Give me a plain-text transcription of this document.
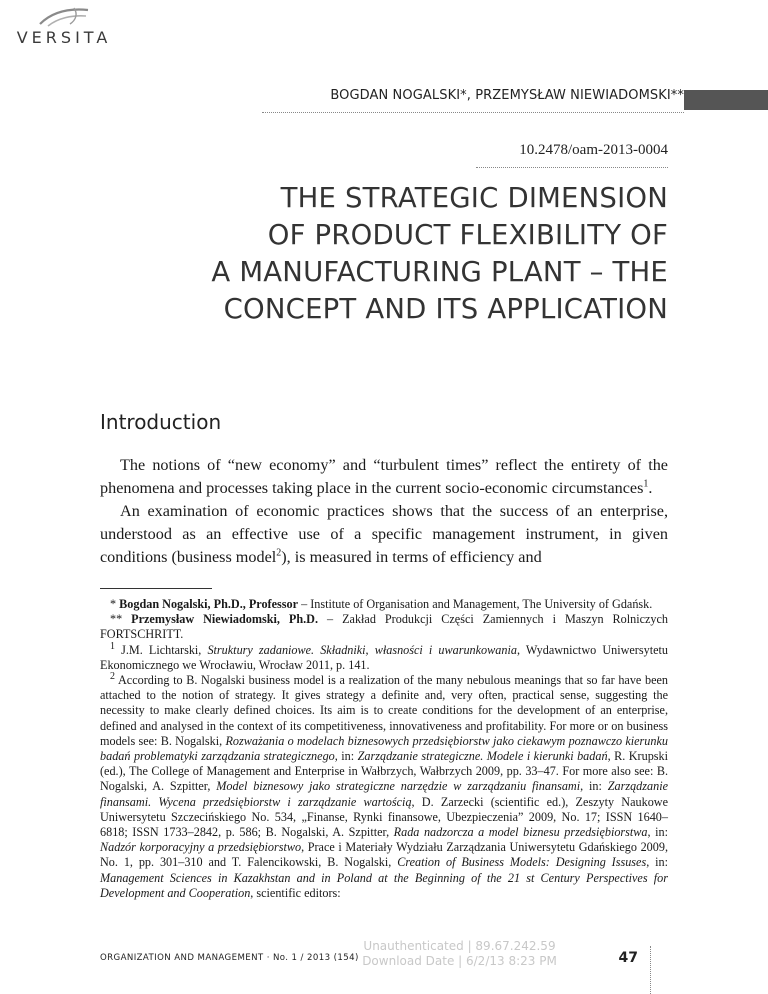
VERSITA
BOGDAN NOGALSKI*, PRZEMYSŁAW NIEWIADOMSKI**
10.2478/oam-2013-0004
THE STRATEGIC DIMENSION
OF PRODUCT FLEXIBILITY OF
A MANUFACTURING PLANT – THE
CONCEPT AND ITS APPLICATION
Introduction

The notions of “new economy” and “turbulent times” reflect the entirety of the phenomena and processes taking place in the current socio-economic circumstances$^1$.

An examination of economic practices shows that the success of an enterprise, understood as an effective use of a specific management instrument, in given conditions (business model$^2$), is measured in terms of efficiency and

* Bogdan Nogalski, Ph.D., Professor – Institute of Organisation and Management, The University of Gdańsk.

** Przemysław Niewiadomski, Ph.D. – Zakład Produkcji Części Zamiennych i Maszyn Rolniczych FORTSCHRITT.

$^1$ J.M. Lichtarski, Struktury zadaniowe. Składniki, własności i uwarunkowania, Wydawnictwo Uniwersytetu Ekonomicznego we Wrocławiu, Wrocław 2011, p. 141.

$^2$ According to B. Nogalski business model is a realization of the many nebulous meanings that so far have been attached to the notion of strategy. It gives strategy a definite and, very often, practical sense, suggesting the necessity to make clearly defined choices. Its aim is to create conditions for the development of an enterprise, defined and analysed in the context of its competitiveness, innovativeness and profitability. For more or on business models see: B. Nogalski, Rozważania o modelach biznesowych przedsiębiorstw jako ciekawym poznawczo kierunku badań problematyki zarządzania strategicznego, in: Zarządzanie strategiczne. Modele i kierunki badań, R. Krupski (ed.), The College of Management and Enterprise in Wałbrzych, Wałbrzych 2009, pp. 33–47. For more also see: B. Nogalski, A. Szpitter, Model biznesowy jako strategiczne narzędzie w zarządzaniu finansami, in: Zarządzanie finansami. Wycena przedsiębiorstw i zarządzanie wartością, D. Zarzecki (scientific ed.), Zeszyty Naukowe Uniwersytetu Szczecińskiego No. 534, „Finanse, Rynki finansowe, Ubezpieczenia” 2009, No. 17; ISSN 1640–6818; ISSN 1733–2842, p. 586; B. Nogalski, A. Szpitter, Rada nadzorcza a model biznesu przedsiębiorstwa, in: Nadzór korporacyjny a przedsiębiorstwo, Prace i Materiały Wydziału Zarządzania Uniwersytetu Gdańskiego 2009, No. 1, pp. 301–310 and T. Falencikowski, B. Nogalski, Creation of Business Models: Designing Issuses, in: Management Sciences in Kazakhstan and in Poland at the Beginning of the 21 st Century Perspectives for Development and Cooperation, scientific editors:

ORGANIZATION AND MANAGEMENT · No. 1 / 2013 (154)
Unauthenticated | 89.67.242.59
Download Date | 6/2/13 8:23 PM	47
